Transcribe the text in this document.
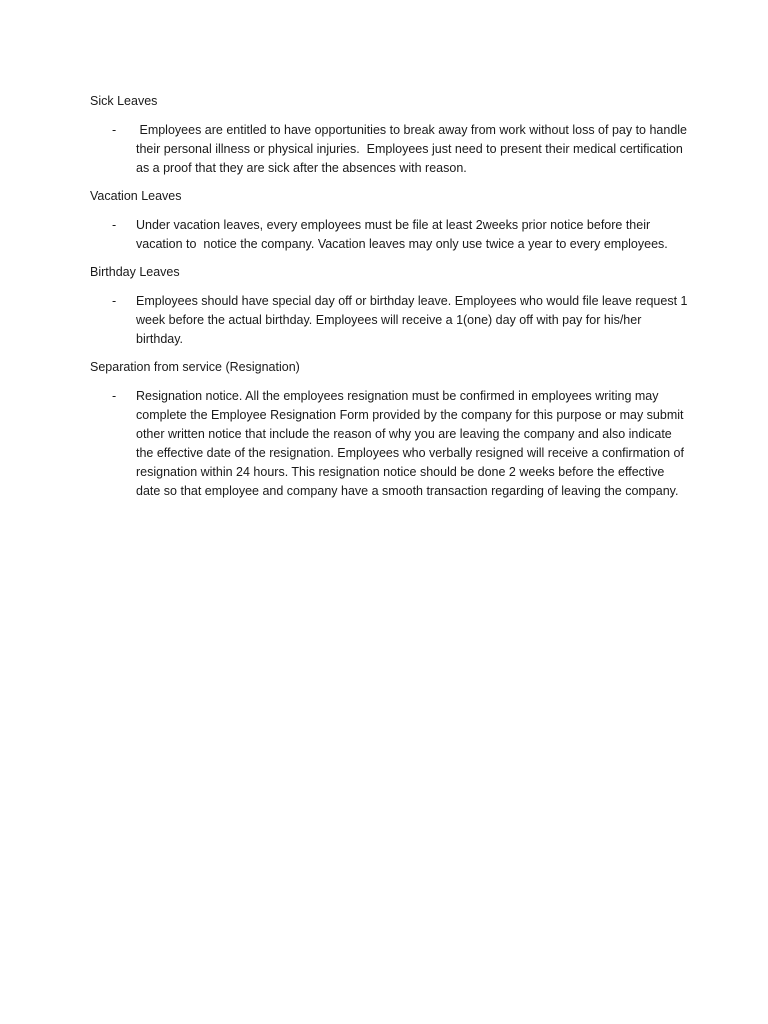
Sick Leaves
-	Employees are entitled to have opportunities to break away from work without loss of pay to handle their personal illness or physical injuries.  Employees just need to present their medical certification as a proof that they are sick after the absences with reason.
Vacation Leaves
-	Under vacation leaves, every employees must be file at least 2weeks prior notice before their vacation to  notice the company. Vacation leaves may only use twice a year to every employees.
Birthday Leaves
-	Employees should have special day off or birthday leave. Employees who would file leave request 1 week before the actual birthday. Employees will receive a 1(one) day off with pay for his/her birthday.
Separation from service (Resignation)
-	Resignation notice. All the employees resignation must be confirmed in employees writing may complete the Employee Resignation Form provided by the company for this purpose or may submit other written notice that include the reason of why you are leaving the company and also indicate the effective date of the resignation. Employees who verbally resigned will receive a confirmation of resignation within 24 hours. This resignation notice should be done 2 weeks before the effective date so that employee and company have a smooth transaction regarding of leaving the company.
